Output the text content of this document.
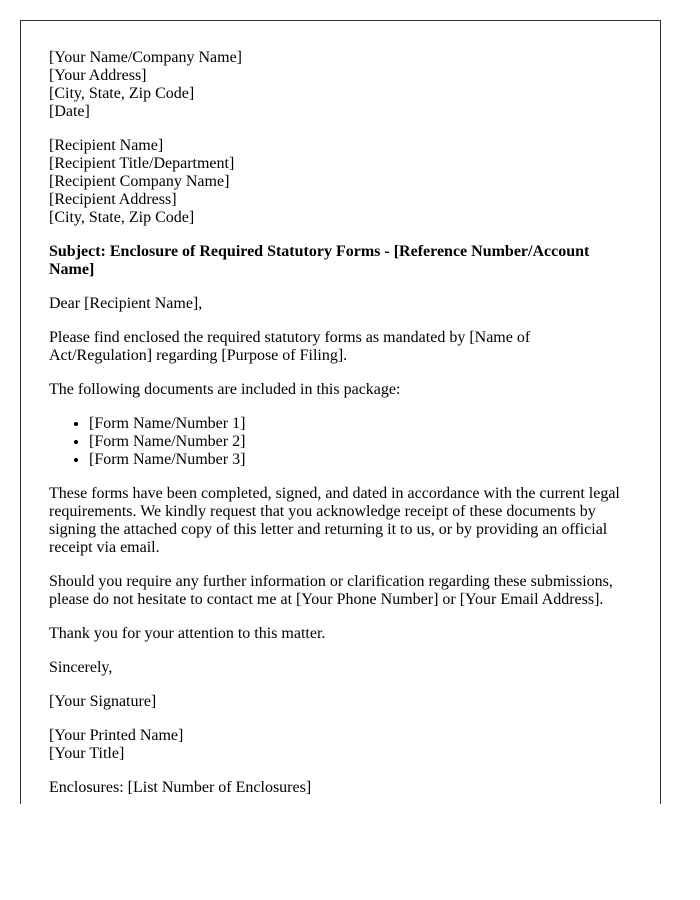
[Your Name/Company Name]
[Your Address]
[City, State, Zip Code]
[Date]

[Recipient Name]
[Recipient Title/Department]
[Recipient Company Name]
[Recipient Address]
[City, State, Zip Code]

Subject: Enclosure of Required Statutory Forms - [Reference Number/Account Name]

Dear [Recipient Name],

Please find enclosed the required statutory forms as mandated by [Name of Act/Regulation] regarding [Purpose of Filing].

The following documents are included in this package:

• [Form Name/Number 1]
• [Form Name/Number 2]
• [Form Name/Number 3]

These forms have been completed, signed, and dated in accordance with the current legal requirements. We kindly request that you acknowledge receipt of these documents by signing the attached copy of this letter and returning it to us, or by providing an official receipt via email.

Should you require any further information or clarification regarding these submissions, please do not hesitate to contact me at [Your Phone Number] or [Your Email Address].

Thank you for your attention to this matter.

Sincerely,

[Your Signature]

[Your Printed Name]
[Your Title]

Enclosures: [List Number of Enclosures]
